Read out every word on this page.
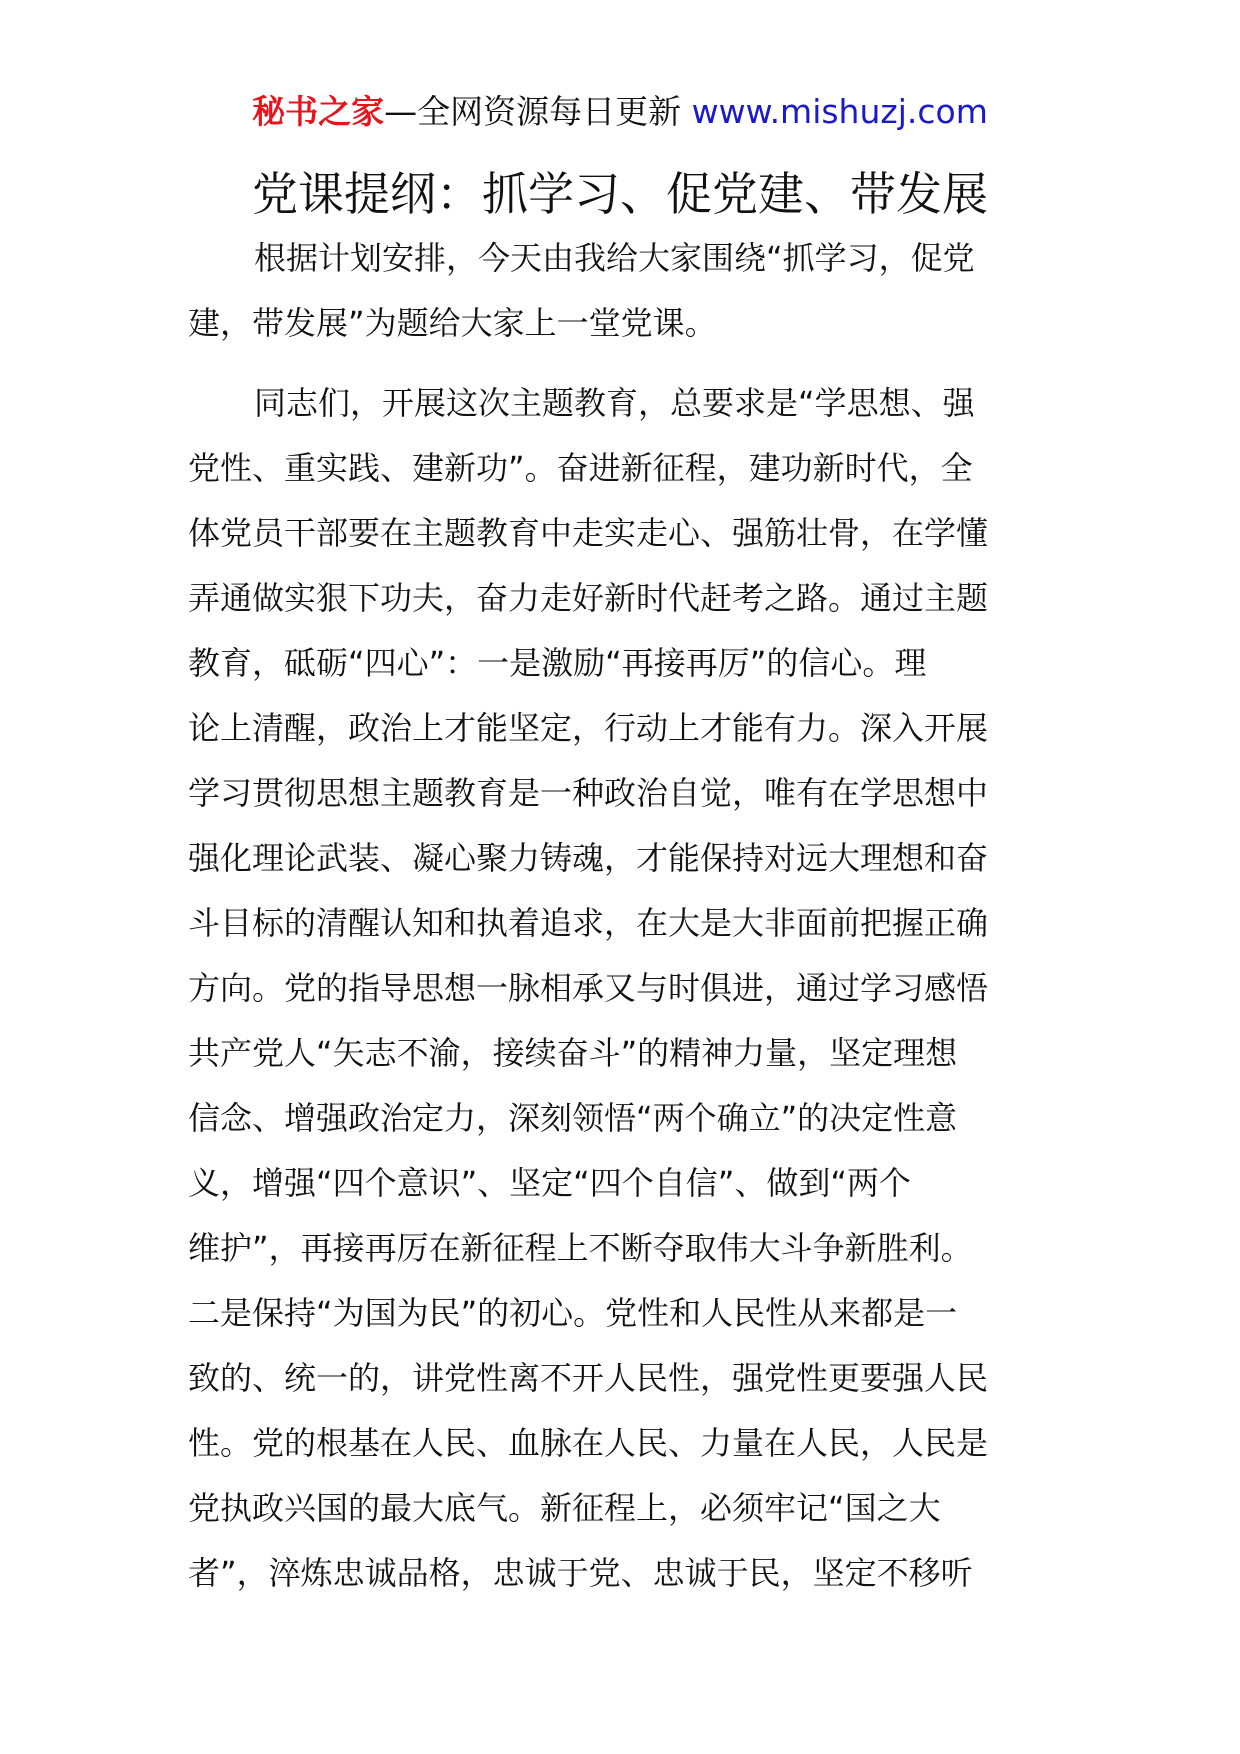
秘书之家—全网资源每日更新 www.mishuzj.com
党课提纲：抓学习、促党建、带发展
根据计划安排，今天由我给大家围绕“抓学习，促党
建，带发展”为题给大家上一堂党课。
同志们，开展这次主题教育，总要求是“学思想、强
党性、重实践、建新功”。奋进新征程，建功新时代，全
体党员干部要在主题教育中走实走心、强筋壮骨，在学懂
弄通做实狠下功夫，奋力走好新时代赶考之路。通过主题
教育，砥砺“四心”：一是激励“再接再厉”的信心。理
论上清醒，政治上才能坚定，行动上才能有力。深入开展
学习贯彻思想主题教育是一种政治自觉，唯有在学思想中
强化理论武装、凝心聚力铸魂，才能保持对远大理想和奋
斗目标的清醒认知和执着追求，在大是大非面前把握正确
方向。党的指导思想一脉相承又与时俱进，通过学习感悟
共产党人“矢志不渝，接续奋斗”的精神力量，坚定理想
信念、增强政治定力，深刻领悟“两个确立”的决定性意
义，增强“四个意识”、坚定“四个自信”、做到“两个
维护”，再接再厉在新征程上不断夺取伟大斗争新胜利。
二是保持“为国为民”的初心。党性和人民性从来都是一
致的、统一的，讲党性离不开人民性，强党性更要强人民
性。党的根基在人民、血脉在人民、力量在人民，人民是
党执政兴国的最大底气。新征程上，必须牢记“国之大
者”，淬炼忠诚品格，忠诚于党、忠诚于民，坚定不移听
